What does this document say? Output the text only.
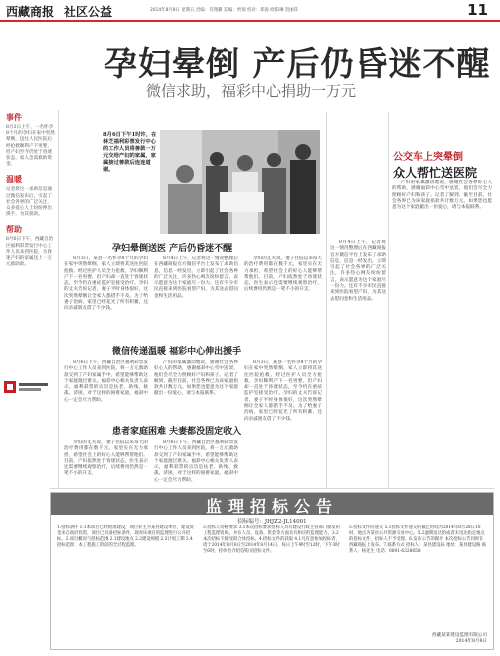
西藏商报 社区公益	2014年8月8日 星期五 责编：肖翔骥 美编：贾瑞 校对：郑海 欧阳琳 贺丽萍	11
孕妇晕倒 产后仍昏迷不醒
微信求助，福彩中心捐助一万元
事件
8月3日上午，一名怀孕8个月的孕妇在家中突然晕倒，送往人民医院后经抢救顺利产下男婴，但产妇至今仍处于昏迷状态，家人急需救助资金。
温暖
记者将这一求助信息通过微信发布后，引起了社会各界的广泛关注，众多爱心人士纷纷伸出援手，为其捐款。
帮助
8月6日下午，西藏自治区福利彩票发行中心工作人员来到医院，为昏迷产妇的家属送上一万元救助款。
8月6日下午1时许，在林芝福利彩票发行中心的工作人员将善款一万元交给产妇的家属，家属接过善款后连连道谢。
公交车上突晕倒
众人帮忙送医院
孕妇晕倒送医 产后仍昏迷不醒
8月3日，某县一名怀孕8个月的孕妇在家中突然晕倒，家人立即将其送往医院抢救。经过医护人员全力抢救，孕妇顺利产下一名男婴，但产妇却一直处于昏迷状态，至今仍在重症监护室接受治疗。孕妇的丈夫告诉记者，妻子平时身体很好，这次突然晕倒让全家人都措手不及。为了给妻子治病，家里已经花光了所有积蓄，还向亲戚朋友借了不少钱。
8月4日上午，记者将这一情况整理后在西藏商报官方微信平台上发布了求助信息，信息一经发出，立即引起了社会各界的广泛关注，许多热心网友纷纷留言，表示愿意为这个家庭尽一份力。还有不少市民直接来到医院看望产妇，为其送去慰问金和生活用品。
孕妇的丈夫说，妻子住院以来每天的治疗费用都在数千元，家里实在无力承担，希望社会上的好心人能够帮帮他们。目前，产妇依然处于昏迷状态，医生表示还需要继续观察治疗，后续费用仍然是一笔不小的开支。
微信传递温暖 福彩中心伸出援手
8月6日下午，西藏自治区福利彩票发行中心工作人员来到医院，将一万元救助款交到了产妇家属手中，希望能够帮助这个家庭渡过难关。福彩中心相关负责人表示，福利彩票的宗旨是扶老、助残、救孤、济困，对于这样的困难家庭，福彩中心一定会尽力帮助。
产妇的家属激动地说，感谢社会各界好心人的帮助，感谢福彩中心雪中送炭，他们会尽全力照顾好产妇和孩子。记者了解到，截至目前，社会各界已为该家庭捐款共计数万元。如果您也愿意为这个家庭献出一份爱心，请与本报联系。
8月3日，某县一名怀孕8个月的孕妇在家中突然晕倒，家人立即将其送往医院抢救。经过医护人员全力抢救，孕妇顺利产下一名男婴，但产妇却一直处于昏迷状态，至今仍在重症监护室接受治疗。孕妇的丈夫告诉记者，妻子平时身体很好，这次突然晕倒让全家人都措手不及。为了给妻子治病，家里已经花光了所有积蓄，还向亲戚朋友借了不少钱。
患者家庭困难 夫妻都没固定收入
孕妇的丈夫说，妻子住院以来每天的治疗费用都在数千元，家里实在无力承担，希望社会上的好心人能够帮帮他们。目前，产妇依然处于昏迷状态，医生表示还需要继续观察治疗，后续费用仍然是一笔不小的开支。
8月6日下午，西藏自治区福利彩票发行中心工作人员来到医院，将一万元救助款交到了产妇家属手中，希望能够帮助这个家庭渡过难关。福彩中心相关负责人表示，福利彩票的宗旨是扶老、助残、救孤、济困，对于这样的困难家庭，福彩中心一定会尽力帮助。
8月4日上午，记者将这一情况整理后在西藏商报官方微信平台上发布了求助信息，信息一经发出，立即引起了社会各界的广泛关注，许多热心网友纷纷留言，表示愿意为这个家庭尽一份力。还有不少市民直接来到医院看望产妇，为其送去慰问金和生活用品。
产妇的家属激动地说，感谢社会各界好心人的帮助，感谢福彩中心雪中送炭，他们会尽全力照顾好产妇和孩子。记者了解到，截至目前，社会各界已为该家庭捐款共计数万元。如果您也愿意为这个家庭献出一份爱心，请与本报联系。
监理招标公告
招标编号：JHJZ2-JL14001
1.招标条件 1.1本项目已经批准建设，项目业主为某县建设单位，建设资金来自政府投资，项目已具备招标条件，现对该项目的监理进行公开招标。2.项目概况与招标范围 2.1建设地点 2.2建设规模 2.3计划工期 2.4招标范围：本工程施工阶段的全过程监理。
3.投标人资格要求 3.1本次招标要求投标人具有建设行政主管部门颁发的工程监理资质，并在人员、设备、资金等方面具有相应的监理能力。3.2本次招标不接受联合体投标。4.招标文件的获取 4.1凡有意参加投标者，请于2014年8月8日至2014年8月14日，每日上午9时至12时，下午3时至6时，持单位介绍信购买招标文件。
5.投标文件的递交 5.1投标文件递交的截止时间为2014年8月28日10时，地点为某县公共资源交易中心。5.2逾期送达的或者未送达指定地点的投标文件，招标人不予受理。6.发布公告的媒介 本次招标公告同时在西藏商报上发布。7.联系方式 招标人：某县建设局 地址：某县建设路 联系人：杨先生 电话：0891-6328858
西藏某某建设监理有限公司
2014年8月8日
